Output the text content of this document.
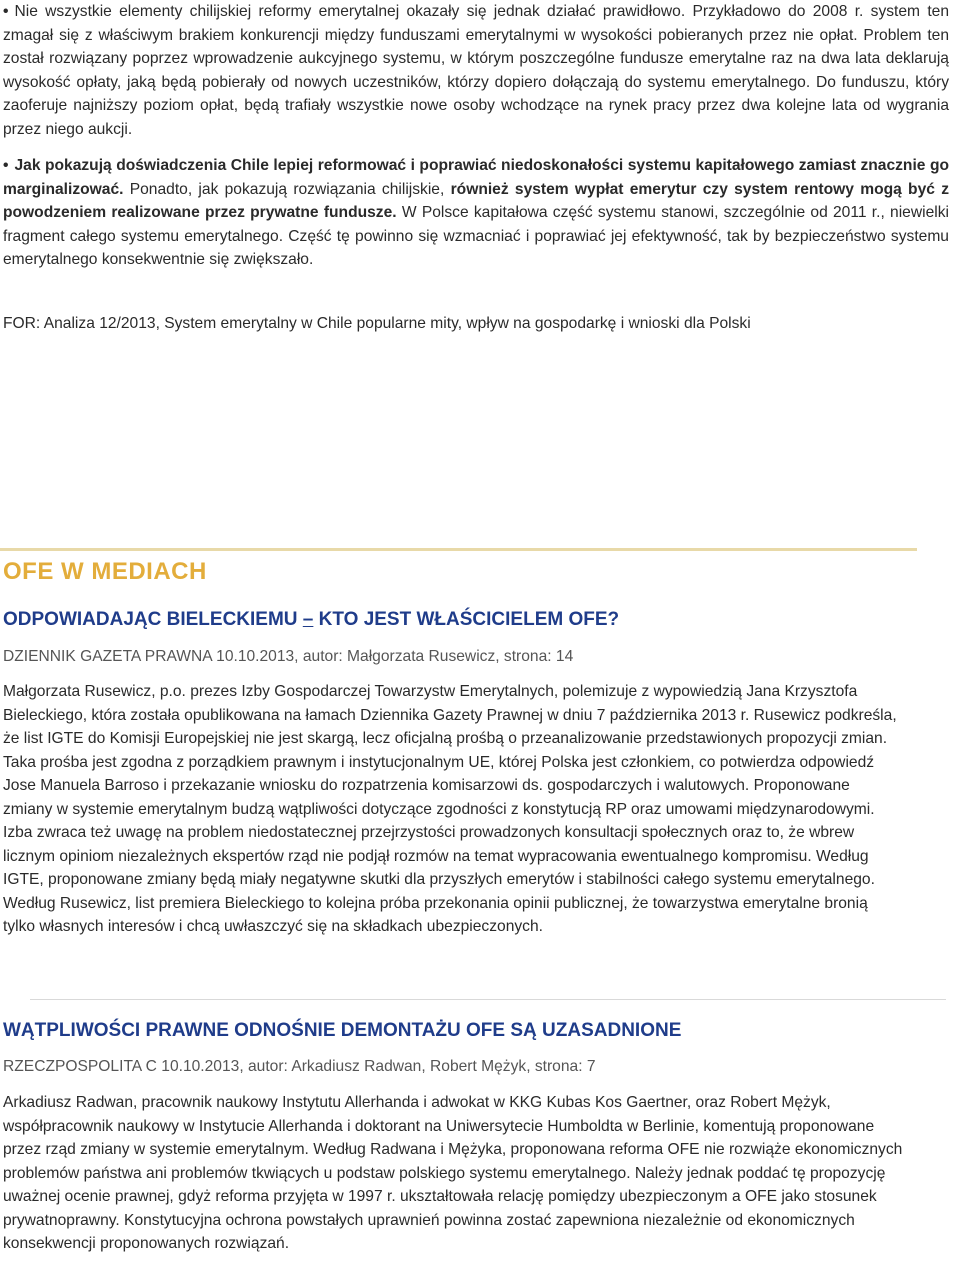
• Nie wszystkie elementy chilijskiej reformy emerytalnej okazały się jednak działać prawidłowo. Przykładowo do 2008 r. system ten zmagał się z właściwym brakiem konkurencji między funduszami emerytalnymi w wysokości pobieranych przez nie opłat. Problem ten został rozwiązany poprzez wprowadzenie aukcyjnego systemu, w którym poszczególne fundusze emerytalne raz na dwa lata deklarują wysokość opłaty, jaką będą pobierały od nowych uczestników, którzy dopiero dołączają do systemu emerytalnego. Do funduszu, który zaoferuje najniższy poziom opłat, będą trafiały wszystkie nowe osoby wchodzące na rynek pracy przez dwa kolejne lata od wygrania przez niego aukcji.
• Jak pokazują doświadczenia Chile lepiej reformować i poprawiać niedoskonałości systemu kapitałowego zamiast znacznie go marginalizować. Ponadto, jak pokazują rozwiązania chilijskie, również system wypłat emerytur czy system rentowy mogą być z powodzeniem realizowane przez prywatne fundusze. W Polsce kapitałowa część systemu stanowi, szczególnie od 2011 r., niewielki fragment całego systemu emerytalnego. Część tę powinno się wzmacniać i poprawiać jej efektywność, tak by bezpieczeństwo systemu emerytalnego konsekwentnie się zwiększało.

FOR: Analiza 12/2013, System emerytalny w Chile popularne mity, wpływ na gospodarkę i wnioski dla Polski

OFE W MEDIACH
ODPOWIADAJĄC BIELECKIEMU – KTO JEST WŁAŚCICIELEM OFE?

DZIENNIK GAZETA PRAWNA 10.10.2013, autor: Małgorzata Rusewicz, strona: 14

Małgorzata Rusewicz, p.o. prezes Izby Gospodarczej Towarzystw Emerytalnych, polemizuje z wypowiedzią Jana Krzysztofa
Bieleckiego, która została opublikowana na łamach Dziennika Gazety Prawnej w dniu 7 października 2013 r. Rusewicz podkreśla,
że list IGTE do Komisji Europejskiej nie jest skargą, lecz oficjalną prośbą o przeanalizowanie przedstawionych propozycji zmian.
Taka prośba jest zgodna z porządkiem prawnym i instytucjonalnym UE, której Polska jest członkiem, co potwierdza odpowiedź
Jose Manuela Barroso i przekazanie wniosku do rozpatrzenia komisarzowi ds. gospodarczych i walutowych. Proponowane
zmiany w systemie emerytalnym budzą wątpliwości dotyczące zgodności z konstytucją RP oraz umowami międzynarodowymi.
Izba zwraca też uwagę na problem niedostatecznej przejrzystości prowadzonych konsultacji społecznych oraz to, że wbrew
licznym opiniom niezależnych ekspertów rząd nie podjął rozmów na temat wypracowania ewentualnego kompromisu. Według
IGTE, proponowane zmiany będą miały negatywne skutki dla przyszłych emerytów i stabilności całego systemu emerytalnego.
Według Rusewicz, list premiera Bieleckiego to kolejna próba przekonania opinii publicznej, że towarzystwa emerytalne bronią
tylko własnych interesów i chcą uwłaszczyć się na składkach ubezpieczonych.
WĄTPLIWOŚCI PRAWNE ODNOŚNIE DEMONTAŻU OFE SĄ UZASADNIONE

RZECZPOSPOLITA C 10.10.2013, autor: Arkadiusz Radwan, Robert Mężyk, strona: 7

Arkadiusz Radwan, pracownik naukowy Instytutu Allerhanda i adwokat w KKG Kubas Kos Gaertner, oraz Robert Mężyk,
współpracownik naukowy w Instytucie Allerhanda i doktorant na Uniwersytecie Humboldta w Berlinie, komentują proponowane
przez rząd zmiany w systemie emerytalnym. Według Radwana i Mężyka, proponowana reforma OFE nie rozwiąże ekonomicznych
problemów państwa ani problemów tkwiących u podstaw polskiego systemu emerytalnego. Należy jednak poddać tę propozycję
uważnej ocenie prawnej, gdyż reforma przyjęta w 1997 r. ukształtowała relację pomiędzy ubezpieczonym a OFE jako stosunek
prywatnoprawny. Konstytucyjna ochrona powstałych uprawnień powinna zostać zapewniona niezależnie od ekonomicznych
konsekwencji proponowanych rozwiązań.
